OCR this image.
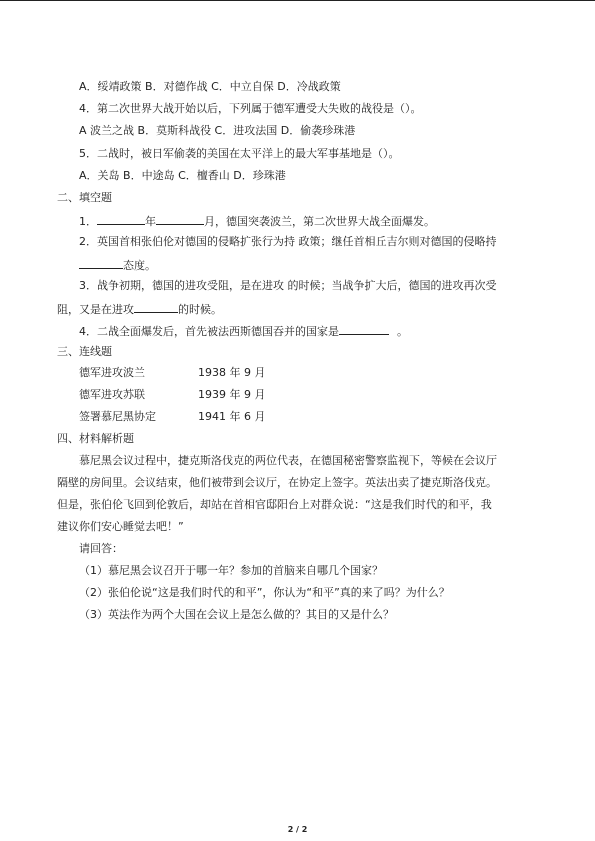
A．绥靖政策 B．对德作战 C．中立自保 D．冷战政策
4．第二次世界大战开始以后，下列属于德军遭受大失败的战役是（）。
A 波兰之战 B．莫斯科战役 C．进攻法国 D．偷袭珍珠港
5．二战时，被日军偷袭的美国在太平洋上的最大军事基地是（）。
A．关岛 B．中途岛 C．檀香山 D．珍珠港
二、填空题
1．	年	月，德国突袭波兰，第二次世界大战全面爆发。
2．英国首相张伯伦对德国的侵略扩张行为持 政策；继任首相丘吉尔则对德国的侵略持
态度。
3．战争初期，德国的进攻受阻，是在进攻 的时候；当战争扩大后，德国的进攻再次受
阻，又是在进攻	的时候。
4．二战全面爆发后，首先被法西斯德国吞并的国家是	。
三、连线题
德军进攻波兰	1938 年 9 月
德军进攻苏联	1939 年 9 月
签署慕尼黑协定	1941 年 6 月
四、材料解析题
慕尼黑会议过程中，捷克斯洛伐克的两位代表，在德国秘密警察监视下，等候在会议厅
隔壁的房间里。会议结束，他们被带到会议厅，在协定上签字。英法出卖了捷克斯洛伐克。
但是，张伯伦飞回到伦敦后，却站在首相官邸阳台上对群众说：“这是我们时代的和平，我
建议你们安心睡觉去吧！”
请回答：
（1）慕尼黑会议召开于哪一年？参加的首脑来自哪几个国家？
（2）张伯伦说“这是我们时代的和平”，你认为“和平”真的来了吗？为什么？
（3）英法作为两个大国在会议上是怎么做的？其目的又是什么？
2 / 2
